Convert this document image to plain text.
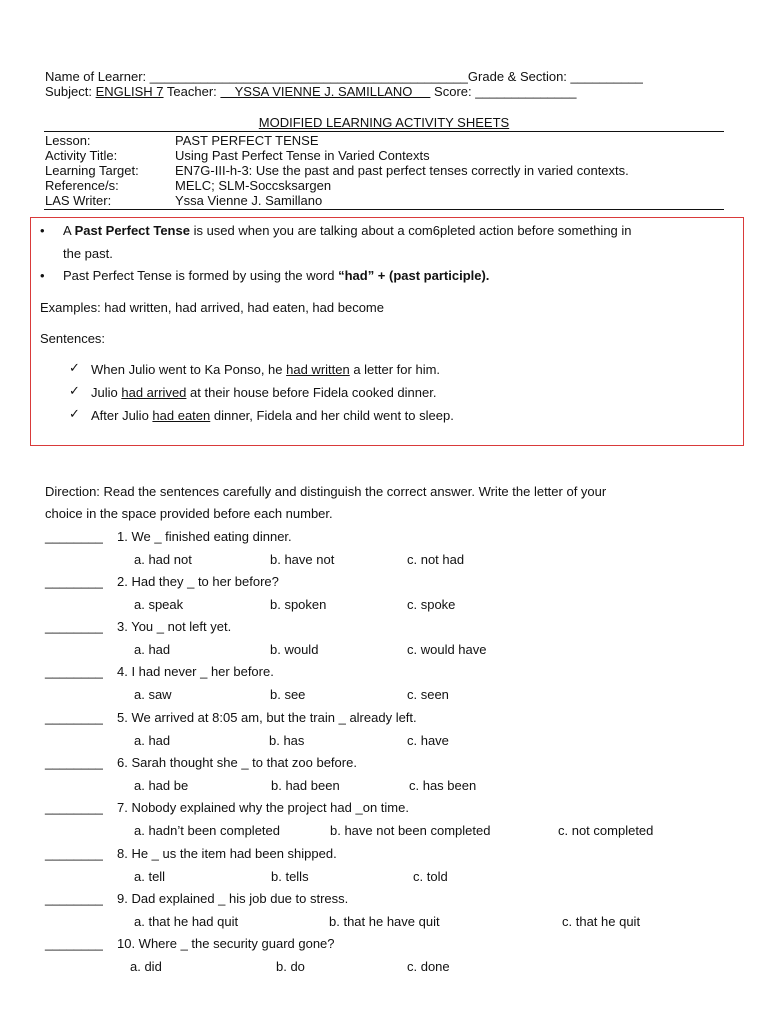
Name of Learner: ____________________________________________Grade & Section: __________
Subject: ENGLISH 7 Teacher:     YSSA VIENNE J. SAMILLANO      Score: ______________
MODIFIED LEARNING ACTIVITY SHEETS
Lesson:	PAST PERFECT TENSE
Activity Title:	Using Past Perfect Tense in Varied Contexts
Learning Target:	EN7G-III-h-3: Use the past and past perfect tenses correctly in varied contexts.
Reference/s:	MELC; SLM-Soccsksargen
LAS Writer:	Yssa Vienne J. Samillano
• A Past Perfect Tense is used when you are talking about a com6pleted action before something in
the past.
• Past Perfect Tense is formed by using the word “had” + (past participle).
Examples: had written, had arrived, had eaten, had become
Sentences:
✓ When Julio went to Ka Ponso, he had written a letter for him.
✓ Julio had arrived at their house before Fidela cooked dinner.
✓ After Julio had eaten dinner, Fidela and her child went to sleep.
Direction: Read the sentences carefully and distinguish the correct answer. Write the letter of your
choice in the space provided before each number.
________ 1. We _ finished eating dinner.
a. had not	b. have not	c. not had
________ 2. Had they _ to her before?
a. speak	b. spoken	c. spoke
________ 3. You _ not left yet.
a. had	b. would	c. would have
________ 4. I had never _ her before.
a. saw	b. see	c. seen
________ 5. We arrived at 8:05 am, but the train _ already left.
a. had	b. has	c. have
________ 6. Sarah thought she _ to that zoo before.
a. had be	b. had been	c. has been
________ 7. Nobody explained why the project had _on time.
a. hadn’t been completed	b. have not been completed	c. not completed
________ 8. He _ us the item had been shipped.
a. tell	b. tells	c. told
________ 9. Dad explained _ his job due to stress.
a. that he had quit	b. that he have quit	c. that he quit
________ 10. Where _ the security guard gone?
a. did	b. do	c. done
